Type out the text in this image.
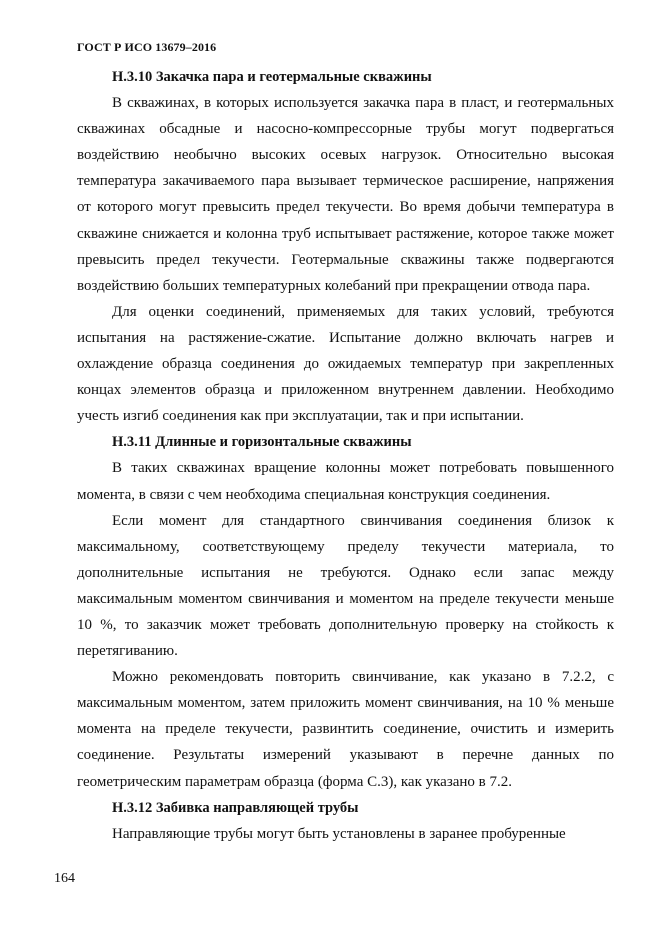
ГОСТ Р ИСО 13679–2016

Н.3.10 Закачка пара и геотермальные скважины

В скважинах, в которых используется закачка пара в пласт, и геотермальных скважинах обсадные и насосно-компрессорные трубы могут подвергаться воздействию необычно высоких осевых нагрузок. Относительно высокая температура закачиваемого пара вызывает термическое расширение, напряжения от которого могут превысить предел текучести. Во время добычи температура в скважине снижается и колонна труб испытывает растяжение, которое также может превысить предел текучести. Геотермальные скважины также подвергаются воздействию больших температурных колебаний при прекращении отвода пара.

Для оценки соединений, применяемых для таких условий, требуются испытания на растяжение-сжатие. Испытание должно включать нагрев и охлаждение образца соединения до ожидаемых температур при закрепленных концах элементов образца и приложенном внутреннем давлении. Необходимо учесть изгиб соединения как при эксплуатации, так и при испытании.

Н.3.11 Длинные и горизонтальные скважины

В таких скважинах вращение колонны может потребовать повышенного момента, в связи с чем необходима специальная конструкция соединения.

Если момент для стандартного свинчивания соединения близок к максимальному, соответствующему пределу текучести материала, то дополнительные испытания не требуются. Однако если запас между максимальным моментом свинчивания и моментом на пределе текучести меньше 10 %, то заказчик может требовать дополнительную проверку на стойкость к перетягиванию.

Можно рекомендовать повторить свинчивание, как указано в 7.2.2, с максимальным моментом, затем приложить момент свинчивания, на 10 % меньше момента на пределе текучести, развинтить соединение, очистить и измерить соединение. Результаты измерений указывают в перечне данных по геометрическим параметрам образца (форма С.3), как указано в 7.2.

Н.3.12 Забивка направляющей трубы

Направляющие трубы могут быть установлены в заранее пробуренные

164
